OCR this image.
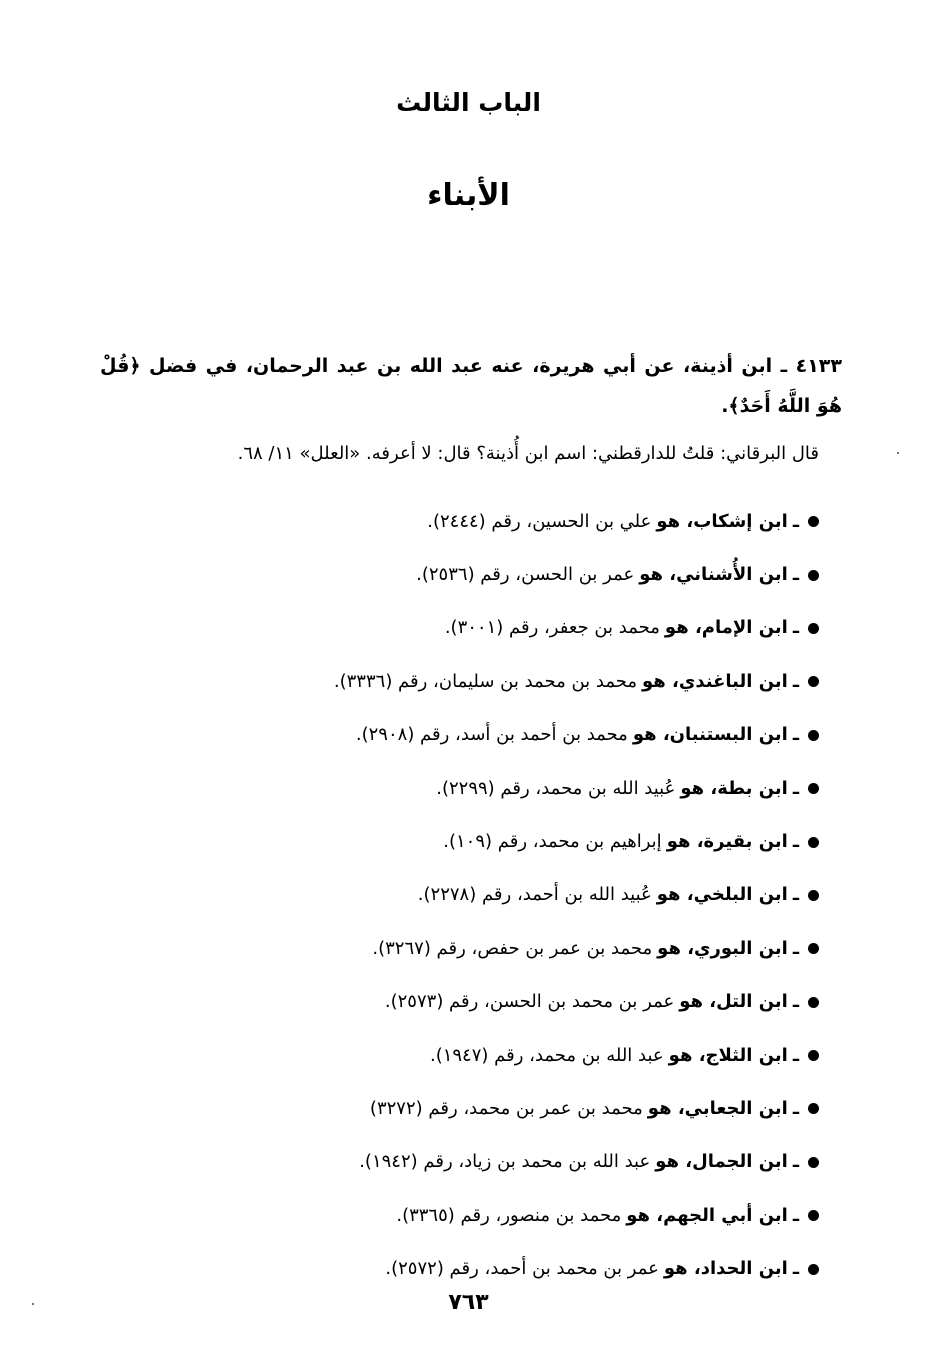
الباب الثالث
الأبناء
٤١٣٣ ـ ابن أذينة، عن أبي هريرة، عنه عبد الله بن عبد الرحمان، في فضل ﴿قُلْ هُوَ اللَّهُ أَحَدٌ﴾.
قال البرقاني: قلتُ للدارقطني: اسم ابن أُذينة؟ قال: لا أعرفه. «العلل» ١١/ ٦٨.
ـ
ابن إشكاب، هو
علي بن الحسين، رقم (٢٤٤٤).
ـ
ابن الأُشناني، هو
عمر بن الحسن، رقم (٢٥٣٦).
ـ
ابن الإمام، هو
محمد بن جعفر، رقم (٣٠٠١).
ـ
ابن الباغندي، هو
محمد بن محمد بن سليمان، رقم (٣٣٣٦).
ـ
ابن البستنبان، هو
محمد بن أحمد بن أسد، رقم (٢٩٠٨).
ـ
ابن بطة، هو
عُبيد الله بن محمد، رقم (٢٢٩٩).
ـ
ابن بقيرة، هو
إبراهيم بن محمد، رقم (١٠٩).
ـ
ابن البلخي، هو
عُبيد الله بن أحمد، رقم (٢٢٧٨).
ـ
ابن البوري، هو
محمد بن عمر بن حفص، رقم (٣٢٦٧).
ـ
ابن التل، هو
عمر بن محمد بن الحسن، رقم (٢٥٧٣).
ـ
ابن الثلاج، هو
عبد الله بن محمد، رقم (١٩٤٧).
ـ
ابن الجعابي، هو
محمد بن عمر بن محمد، رقم (٣٢٧٢)
ـ
ابن الجمال، هو
عبد الله بن محمد بن زياد، رقم (١٩٤٢).
ـ
ابن أبي الجهم، هو
محمد بن منصور، رقم (٣٣٦٥).
ـ
ابن الحداد، هو
عمر بن محمد بن أحمد، رقم (٢٥٧٢).
٧٦٣
